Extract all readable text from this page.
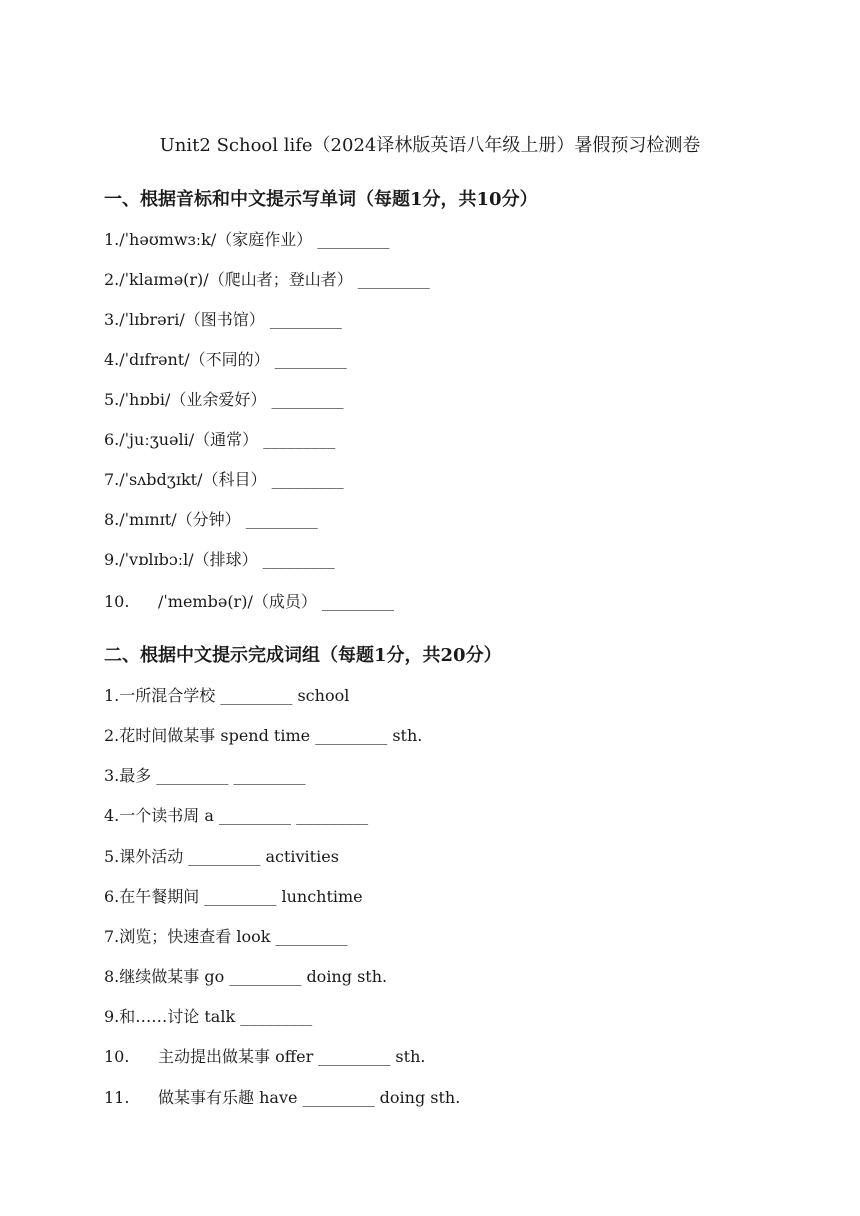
Unit2 School life（2024译林版英语八年级上册）暑假预习检测卷
一、根据音标和中文提示写单词（每题1分，共10分）
1./ˈhəʊmwɜːk/（家庭作业） _________
2./ˈklaɪmə(r)/（爬山者；登山者） _________
3./ˈlɪbrəri/（图书馆） _________
4./ˈdɪfrənt/（不同的） _________
5./ˈhɒbi/（业余爱好） _________
6./ˈjuːʒuəli/（通常） _________
7./ˈsʌbdʒɪkt/（科目） _________
8./ˈmɪnɪt/（分钟） _________
9./ˈvɒlɪbɔːl/（排球） _________
10. /ˈmembə(r)/（成员） _________
二、根据中文提示完成词组（每题1分，共20分）
1.一所混合学校 _________ school
2.花时间做某事 spend time _________ sth.
3.最多 _________ _________
4.一个读书周 a _________ _________
5.课外活动 _________ activities
6.在午餐期间 _________ lunchtime
7.浏览；快速查看 look _________
8.继续做某事 go _________ doing sth.
9.和……讨论 talk _________
10. 主动提出做某事 offer _________ sth.
11. 做某事有乐趣 have _________ doing sth.
